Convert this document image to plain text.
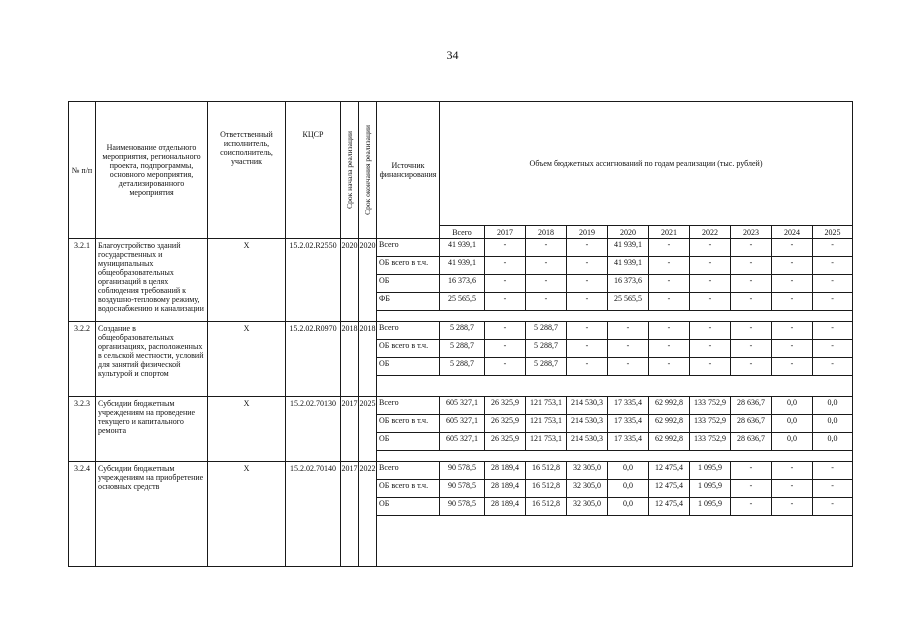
34
№ п/п	Наименование отдельного мероприятия, регионального проекта, подпрограммы, основного мероприятия, детализированного мероприятия	Ответственный исполнитель, соисполнитель, участник	КЦСР	Срок начала реализации	Срок окончания реализации	Источник финансирования	Объем бюджетных ассигнований по годам реализации (тыс. рублей)									
							Всего	2017	2018	2019	2020	2021	2022	2023	2024	2025
3.2.1	Благоустройство зданий государственных и муниципальных общеобразовательных организаций в целях соблюдения требований к воздушно-тепловому режиму, водоснабжению и канализации	Х	15.2.02.R2550	2020	2020	Всего	41 939,1	-	-	-	41 939,1	-	-	-	-	-
						ОБ всего в т.ч.	41 939,1	-	-	-	41 939,1	-	-	-	-	-
						ОБ	16 373,6	-	-	-	16 373,6	-	-	-	-	-
						ФБ	25 565,5	-	-	-	25 565,5	-	-	-	-	-

3.2.2	Создание в общеобразовательных организациях, расположенных в сельской местности, условий для занятий физической культурой и спортом	Х	15.2.02.R0970	2018	2018	Всего	5 288,7	-	5 288,7	-	-	-	-	-	-	-
						ОБ всего в т.ч.	5 288,7	-	5 288,7	-	-	-	-	-	-	-
						ОБ	5 288,7	-	5 288,7	-	-	-	-	-	-	-

3.2.3	Субсидии бюджетным учреждениям на проведение текущего и капитального ремонта	Х	15.2.02.70130	2017	2025	Всего	605 327,1	26 325,9	121 753,1	214 530,3	17 335,4	62 992,8	133 752,9	28 636,7	0,0	0,0
						ОБ всего в т.ч.	605 327,1	26 325,9	121 753,1	214 530,3	17 335,4	62 992,8	133 752,9	28 636,7	0,0	0,0
						ОБ	605 327,1	26 325,9	121 753,1	214 530,3	17 335,4	62 992,8	133 752,9	28 636,7	0,0	0,0

3.2.4	Субсидии бюджетным учреждениям на приобретение основных средств	Х	15.2.02.70140	2017	2022	Всего	90 578,5	28 189,4	16 512,8	32 305,0	0,0	12 475,4	1 095,9	-	-	-
						ОБ всего в т.ч.	90 578,5	28 189,4	16 512,8	32 305,0	0,0	12 475,4	1 095,9	-	-	-
						ОБ	90 578,5	28 189,4	16 512,8	32 305,0	0,0	12 475,4	1 095,9	-	-	-
